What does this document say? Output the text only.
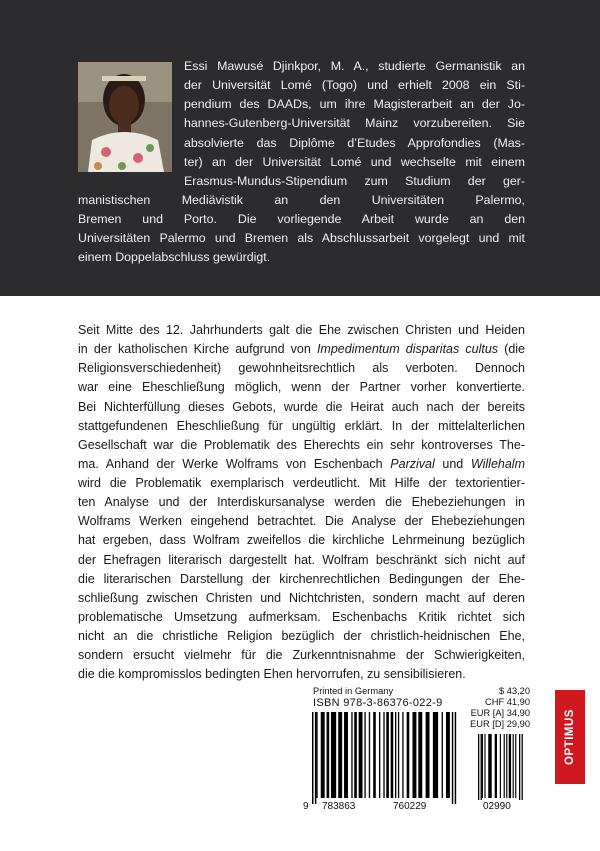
Essi Mawusé Djinkpor, M. A., studierte Germanistik an
der Universität Lomé (Togo) und erhielt 2008 ein Sti-
pendium des DAADs, um ihre Magisterarbeit an der Jo-
hannes-Gutenberg-Universität Mainz vorzubereiten. Sie
absolvierte das Diplôme d’Etudes Approfondies (Mas-
ter) an der Universität Lomé und wechselte mit einem
Erasmus-Mundus-Stipendium zum Studium der ger-
manistischen Mediävistik an den Universitäten Palermo,
Bremen und Porto. Die vorliegende Arbeit wurde an den
Universitäten Palermo und Bremen als Abschlussarbeit vorgelegt und mit
einem Doppelabschluss gewürdigt.
Seit Mitte des 12. Jahrhunderts galt die Ehe zwischen Christen und Heiden
in der katholischen Kirche aufgrund von Impedimentum disparitas cultus (die
Religionsverschiedenheit) gewohnheitsrechtlich als verboten. Dennoch
war eine Eheschließung möglich, wenn der Partner vorher konvertierte.
Bei Nichterfüllung dieses Gebots, wurde die Heirat auch nach der bereits
stattgefundenen Eheschließung für ungültig erklärt. In der mittelalterlichen
Gesellschaft war die Problematik des Eherechts ein sehr kontroverses The-
ma. Anhand der Werke Wolframs von Eschenbach Parzival und Willehalm
wird die Problematik exemplarisch verdeutlicht. Mit Hilfe der textorientier-
ten Analyse und der Interdiskursanalyse werden die Ehebeziehungen in
Wolframs Werken eingehend betrachtet. Die Analyse der Ehebeziehungen
hat ergeben, dass Wolfram zweifellos die kirchliche Lehrmeinung bezüglich
der Ehefragen literarisch dargestellt hat. Wolfram beschränkt sich nicht auf
die literarischen Darstellung der kirchenrechtlichen Bedingungen der Ehe-
schließung zwischen Christen und Nichtchristen, sondern macht auf deren
problematische Umsetzung aufmerksam. Eschenbachs Kritik richtet sich
nicht an die christliche Religion bezüglich der christlich-heidnischen Ehe,
sondern ersucht vielmehr für die Zurkenntnisnahme der Schwierigkeiten,
die die kompromisslos bedingten Ehen hervorrufen, zu sensibilisieren.
Printed in Germany
ISBN 978-3-86376-022-9
9 783863	760229
$ 43,20
CHF 41,90
EUR [A] 34,90
EUR [D] 29,90
02990
OPTIMUS
